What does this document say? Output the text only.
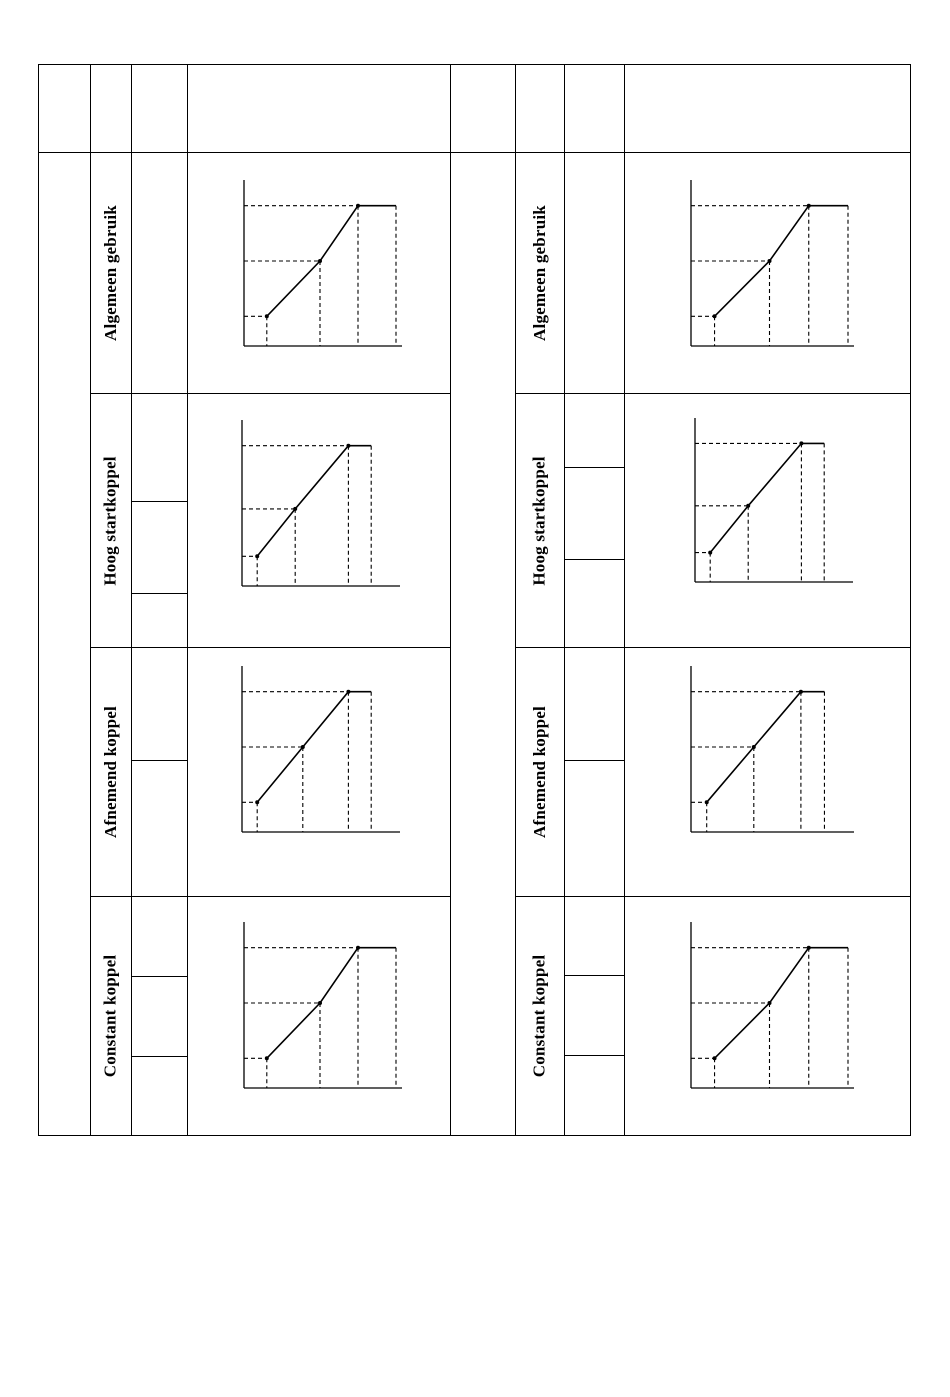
Algemeen gebruik
Hoog startkoppel
Afnemend koppel
Constant koppel
Algemeen gebruik
Hoog startkoppel
Afnemend koppel
Constant koppel
